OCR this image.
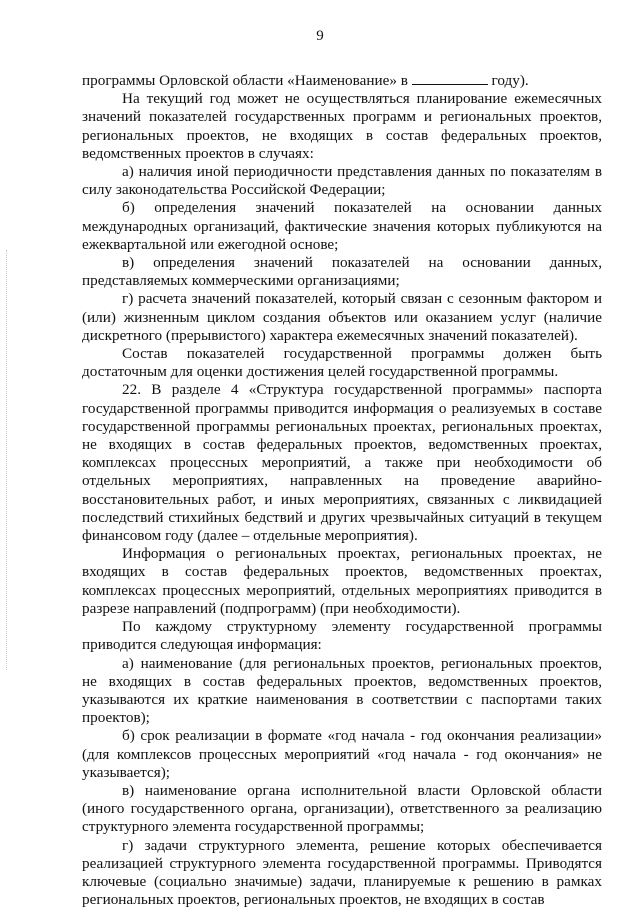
9

программы Орловской области «Наименование» в	году).

На текущий год может не осуществляться планирование ежемесячных значений показателей государственных программ и региональных проектов, региональных проектов, не входящих в состав федеральных проектов, ведомственных проектов в случаях:

а) наличия иной периодичности представления данных по показателям в силу законодательства Российской Федерации;

б) определения значений показателей на основании данных международных организаций, фактические значения которых публикуются на ежеквартальной или ежегодной основе;

в) определения значений показателей на основании данных, представляемых коммерческими организациями;

г) расчета значений показателей, который связан с сезонным фактором и (или) жизненным циклом создания объектов или оказанием услуг (наличие дискретного (прерывистого) характера ежемесячных значений показателей).

Состав показателей государственной программы должен быть достаточным для оценки достижения целей государственной программы.

22. В разделе 4 «Структура государственной программы» паспорта государственной программы приводится информация о реализуемых в составе государственной программы региональных проектах, региональных проектах, не входящих в состав федеральных проектов, ведомственных проектах, комплексах процессных мероприятий, а также при необходимости об отдельных мероприятиях, направленных на проведение аварийно-восстановительных работ, и иных мероприятиях, связанных с ликвидацией последствий стихийных бедствий и других чрезвычайных ситуаций в текущем финансовом году (далее – отдельные мероприятия).

Информация о региональных проектах, региональных проектах, не входящих в состав федеральных проектов, ведомственных проектах, комплексах процессных мероприятий, отдельных мероприятиях приводится в разрезе направлений (подпрограмм) (при необходимости).

По каждому структурному элементу государственной программы приводится следующая информация:

а) наименование (для региональных проектов, региональных проектов, не входящих в состав федеральных проектов, ведомственных проектов, указываются их краткие наименования в соответствии с паспортами таких проектов);

б) срок реализации в формате «год начала - год окончания реализации» (для комплексов процессных мероприятий «год начала - год окончания» не указывается);

в) наименование органа исполнительной власти Орловской области (иного государственного органа, организации), ответственного за реализацию структурного элемента государственной программы;

г) задачи структурного элемента, решение которых обеспечивается реализацией структурного элемента государственной программы. Приводятся ключевые (социально значимые) задачи, планируемые к решению в рамках региональных проектов, региональных проектов, не входящих в состав
